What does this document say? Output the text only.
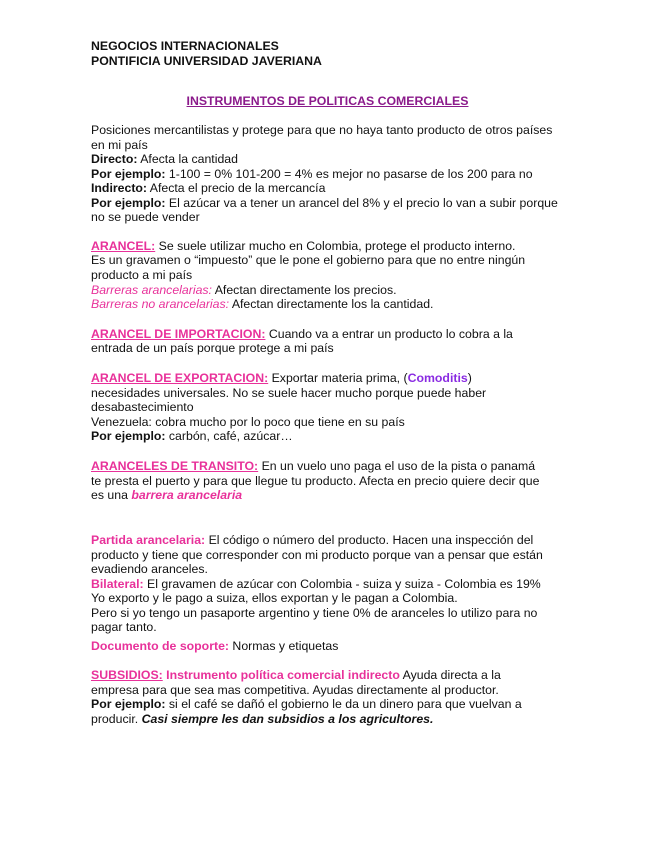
NEGOCIOS INTERNACIONALES
PONTIFICIA UNIVERSIDAD JAVERIANA
INSTRUMENTOS DE POLITICAS COMERCIALES
Posiciones mercantilistas y protege para que no haya tanto producto de otros países
en mi país
Directo: Afecta la cantidad
Por ejemplo: 1-100 = 0% 101-200 = 4% es mejor no pasarse de los 200 para no
Indirecto: Afecta el precio de la mercancía
Por ejemplo: El azúcar va a tener un arancel del 8% y el precio lo van a subir porque
no se puede vender
ARANCEL: Se suele utilizar mucho en Colombia, protege el producto interno.
Es un gravamen o “impuesto” que le pone el gobierno para que no entre ningún
producto a mi país
Barreras arancelarias: Afectan directamente los precios.
Barreras no arancelarias: Afectan directamente los la cantidad.
ARANCEL DE IMPORTACION: Cuando va a entrar un producto lo cobra a la
entrada de un país porque protege a mi país
ARANCEL DE EXPORTACION: Exportar materia prima, (Comoditis)
necesidades universales. No se suele hacer mucho porque puede haber
desabastecimiento
Venezuela: cobra mucho por lo poco que tiene en su país
Por ejemplo: carbón, café, azúcar…
ARANCELES DE TRANSITO: En un vuelo uno paga el uso de la pista o panamá
te presta el puerto y para que llegue tu producto. Afecta en precio quiere decir que
es una barrera arancelaria
Partida arancelaria: El código o número del producto. Hacen una inspección del
producto y tiene que corresponder con mi producto porque van a pensar que están
evadiendo aranceles.
Bilateral: El gravamen de azúcar con Colombia - suiza y suiza - Colombia es 19%
Yo exporto y le pago a suiza, ellos exportan y le pagan a Colombia.
Pero si yo tengo un pasaporte argentino y tiene 0% de aranceles lo utilizo para no
pagar tanto.
Documento de soporte: Normas y etiquetas
SUBSIDIOS: Instrumento política comercial indirecto Ayuda directa a la
empresa para que sea mas competitiva. Ayudas directamente al productor.
Por ejemplo: si el café se dañó el gobierno le da un dinero para que vuelvan a
producir. Casi siempre les dan subsidios a los agricultores.
